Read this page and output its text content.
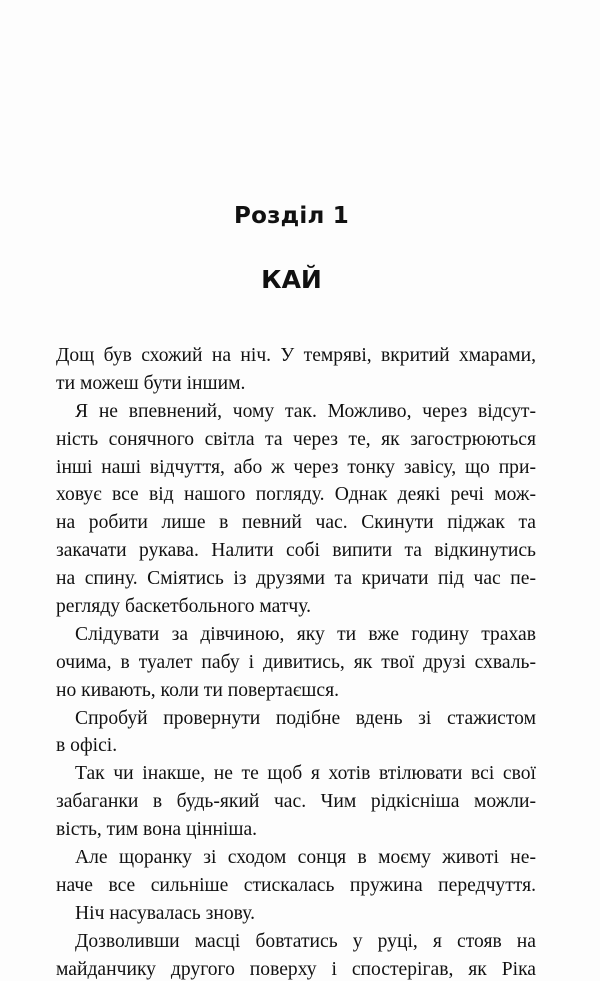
Розділ 1
КАЙ
Дощ був схожий на ніч. У темряві, вкритий хмарами,
ти можеш бути іншим.
Я не впевнений, чому так. Можливо, через відсут-
ність сонячного світла та через те, як загострюються
інші наші відчуття, або ж через тонку завісу, що при-
ховує все від нашого погляду. Однак деякі речі мож-
на робити лише в певний час. Скинути піджак та
закачати рукава. Налити собі випити та відкинутись
на спину. Сміятись із друзями та кричати під час пе-
регляду баскетбольного матчу.
Слідувати за дівчиною, яку ти вже годину трахав
очима, в туалет пабу і дивитись, як твої друзі схваль-
но кивають, коли ти повертаєшся.
Спробуй провернути подібне вдень зі стажистом
в офісі.
Так чи інакше, не те щоб я хотів втілювати всі свої
забаганки в будь-який час. Чим рідкісніша можли-
вість, тим вона цінніша.
Але щоранку зі сходом сонця в моєму животі не-
наче все сильніше стискалась пружина передчуття.
Ніч насувалась знову.
Дозволивши масці бовтатись у руці, я стояв на
майданчику другого поверху і спостерігав, як Ріка
